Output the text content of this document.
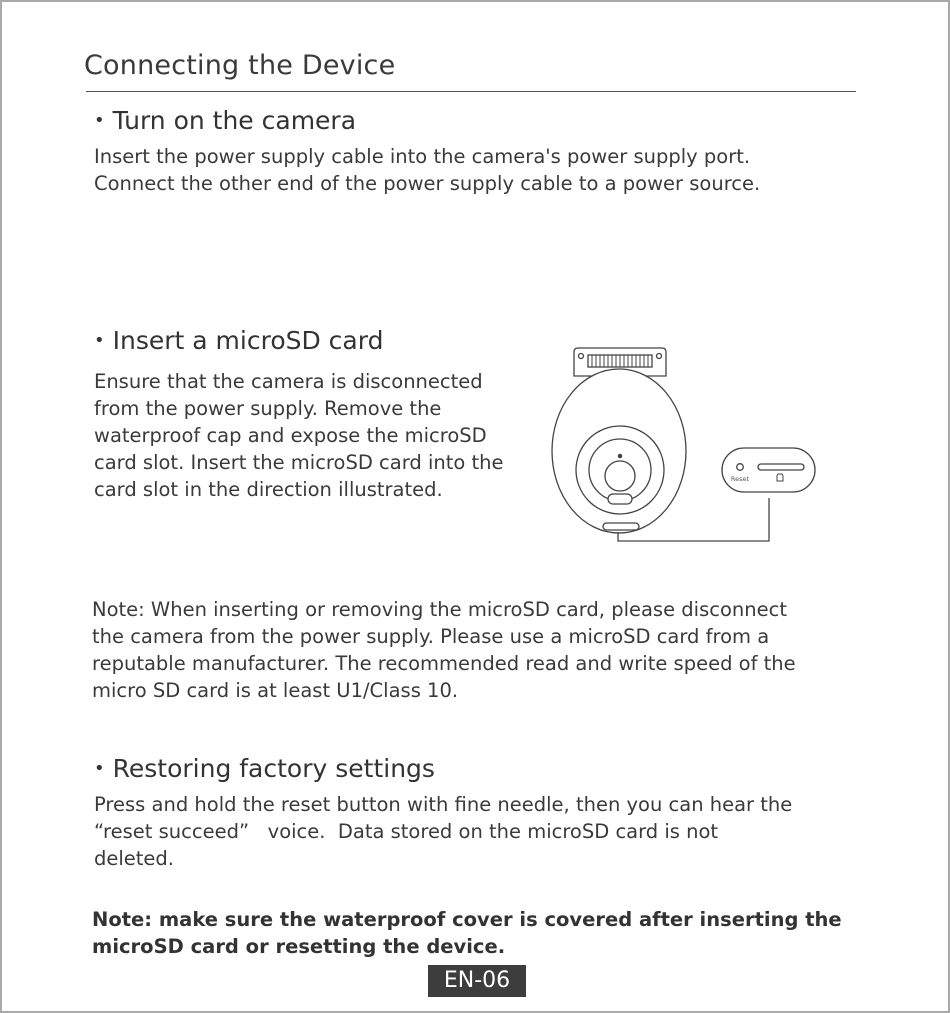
Connecting the Device
• Turn on the camera

Insert the power supply cable into the camera's power supply port.

Connect the other end of the power supply cable to a power source.

• Insert a microSD card

Ensure that the camera is disconnected

from the power supply. Remove the

waterproof cap and expose the microSD

card slot. Insert the microSD card into the

card slot in the direction illustrated.	Reset

Note: When inserting or removing the microSD card, please disconnect

the camera from the power supply. Please use a microSD card from a

reputable manufacturer. The recommended read and write speed of the

micro SD card is at least U1/Class 10.

• Restoring factory settings

Press and hold the reset button with fine needle, then you can hear the

“reset succeed”   voice.  Data stored on the microSD card is not

deleted.

Note: make sure the waterproof cover is covered after inserting the

microSD card or resetting the device.

EN-06
